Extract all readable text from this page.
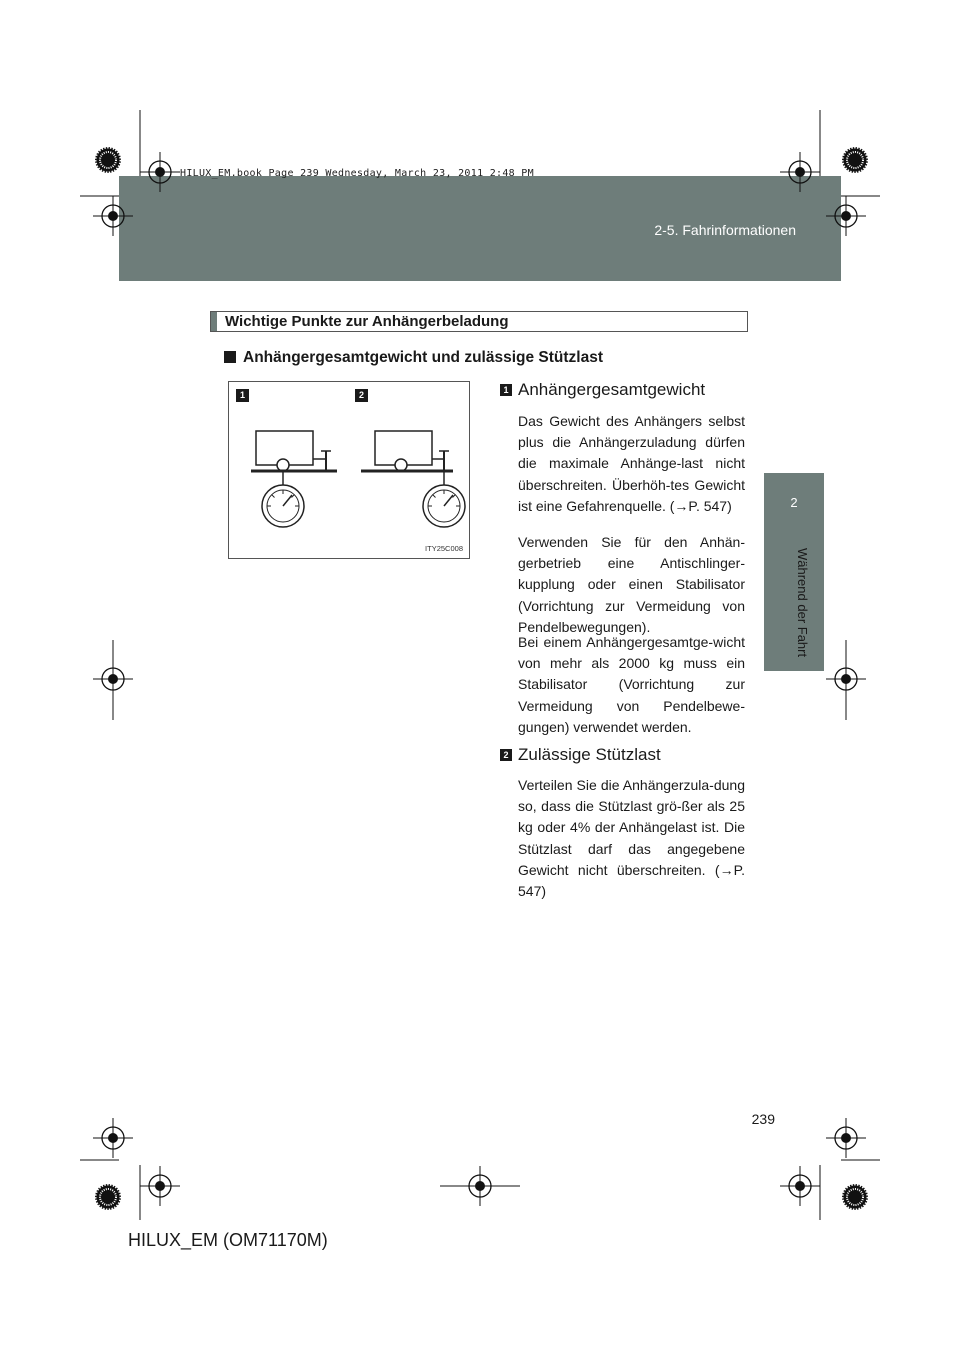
HILUX_EM.book Page 239 Wednesday, March 23, 2011 2:48 PM
2-5. Fahrinformationen
2
Während der Fahrt
Wichtige Punkte zur Anhängerbeladung
Anhängergesamtgewicht und zulässige Stützlast
1	2
ITY25C008
1 Anhängergesamtgewicht
Das Gewicht des Anhängers selbst plus die Anhängerzuladung dürfen die maximale Anhänge-last nicht überschreiten. Überhöh-tes Gewicht ist eine Gefahrenquelle. (→P. 547)
Verwenden Sie für den Anhän-gerbetrieb eine Antischlinger-kupplung oder einen Stabilisator (Vorrichtung zur Vermeidung von Pendelbewegungen).
Bei einem Anhängergesamtge-wicht von mehr als 2000 kg muss ein Stabilisator (Vorrichtung zur Vermeidung von Pendelbewe-gungen) verwendet werden.
2 Zulässige Stützlast
Verteilen Sie die Anhängerzula-dung so, dass die Stützlast grö-ßer als 25 kg oder 4% der Anhängelast ist. Die Stützlast darf das angegebene Gewicht nicht überschreiten. (→P. 547)
239
HILUX_EM (OM71170M)
